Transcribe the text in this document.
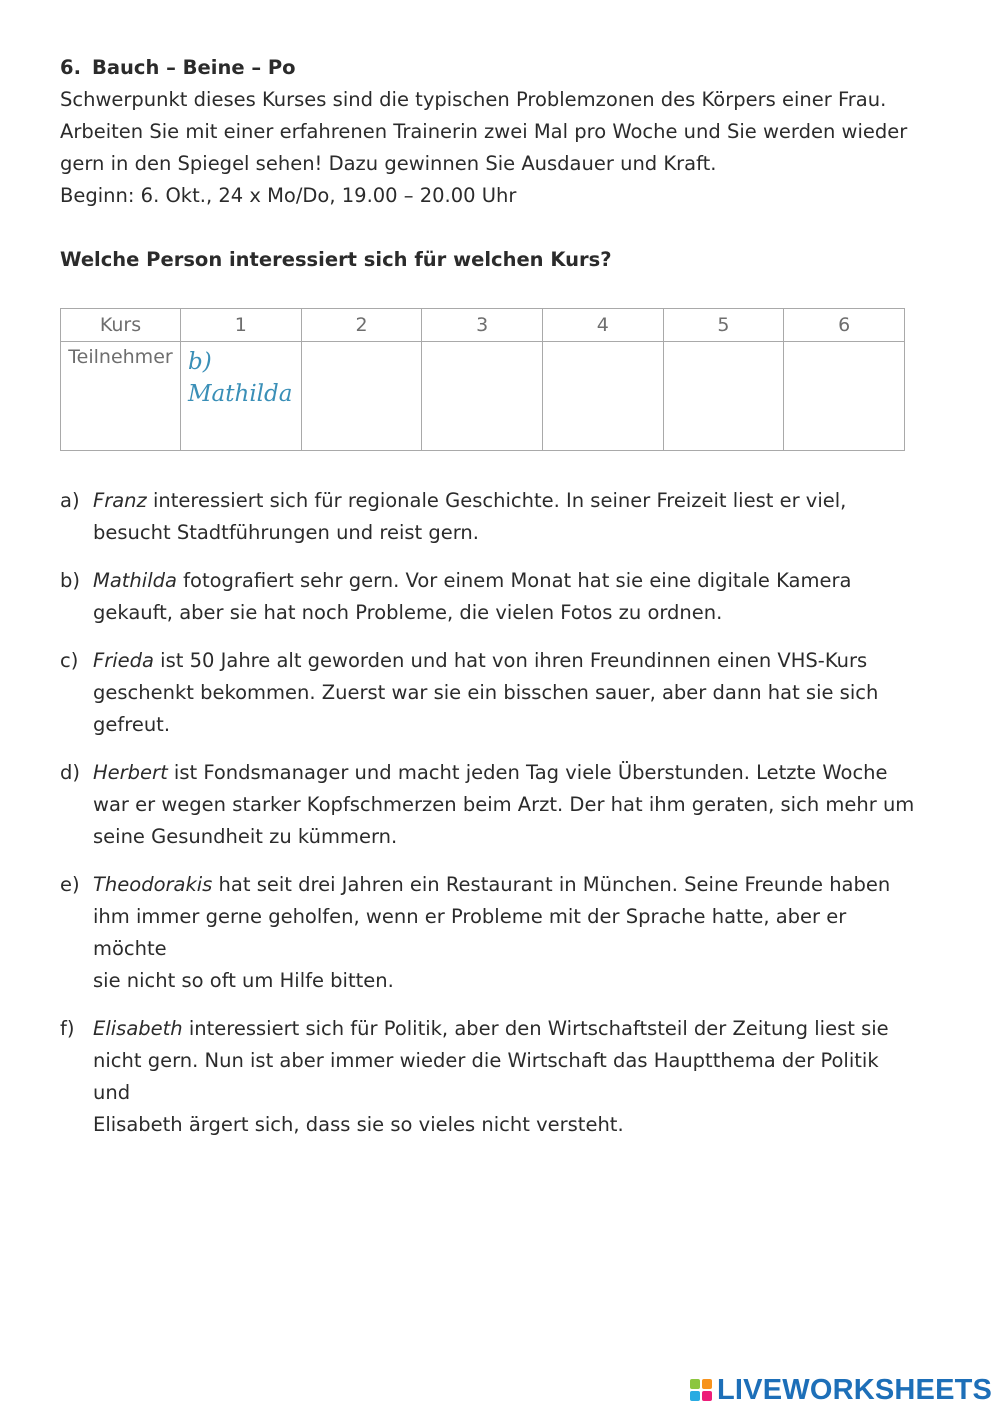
6. Bauch – Beine – Po
Schwerpunkt dieses Kurses sind die typischen Problemzonen des Körpers einer Frau.
Arbeiten Sie mit einer erfahrenen Trainerin zwei Mal pro Woche und Sie werden wieder
gern in den Spiegel sehen! Dazu gewinnen Sie Ausdauer und Kraft.
Beginn: 6. Okt., 24 x Mo/Do, 19.00 – 20.00 Uhr
Welche Person interessiert sich für welchen Kurs?
Kurs	1	2	3	4	5	6
Teilnehmer	b)
Mathilda					

a) Franz interessiert sich für regionale Geschichte. In seiner Freizeit liest er viel,
besucht Stadtführungen und reist gern.
b) Mathilda fotografiert sehr gern. Vor einem Monat hat sie eine digitale Kamera
gekauft, aber sie hat noch Probleme, die vielen Fotos zu ordnen.
c) Frieda ist 50 Jahre alt geworden und hat von ihren Freundinnen einen VHS-Kurs
geschenkt bekommen. Zuerst war sie ein bisschen sauer, aber dann hat sie sich
gefreut.
d) Herbert ist Fondsmanager und macht jeden Tag viele Überstunden. Letzte Woche
war er wegen starker Kopfschmerzen beim Arzt. Der hat ihm geraten, sich mehr um
seine Gesundheit zu kümmern.
e) Theodorakis hat seit drei Jahren ein Restaurant in München. Seine Freunde haben
ihm immer gerne geholfen, wenn er Probleme mit der Sprache hatte, aber er möchte
sie nicht so oft um Hilfe bitten.
f) Elisabeth interessiert sich für Politik, aber den Wirtschaftsteil der Zeitung liest sie
nicht gern. Nun ist aber immer wieder die Wirtschaft das Hauptthema der Politik und
Elisabeth ärgert sich, dass sie so vieles nicht versteht.
LIVEWORKSHEETS
